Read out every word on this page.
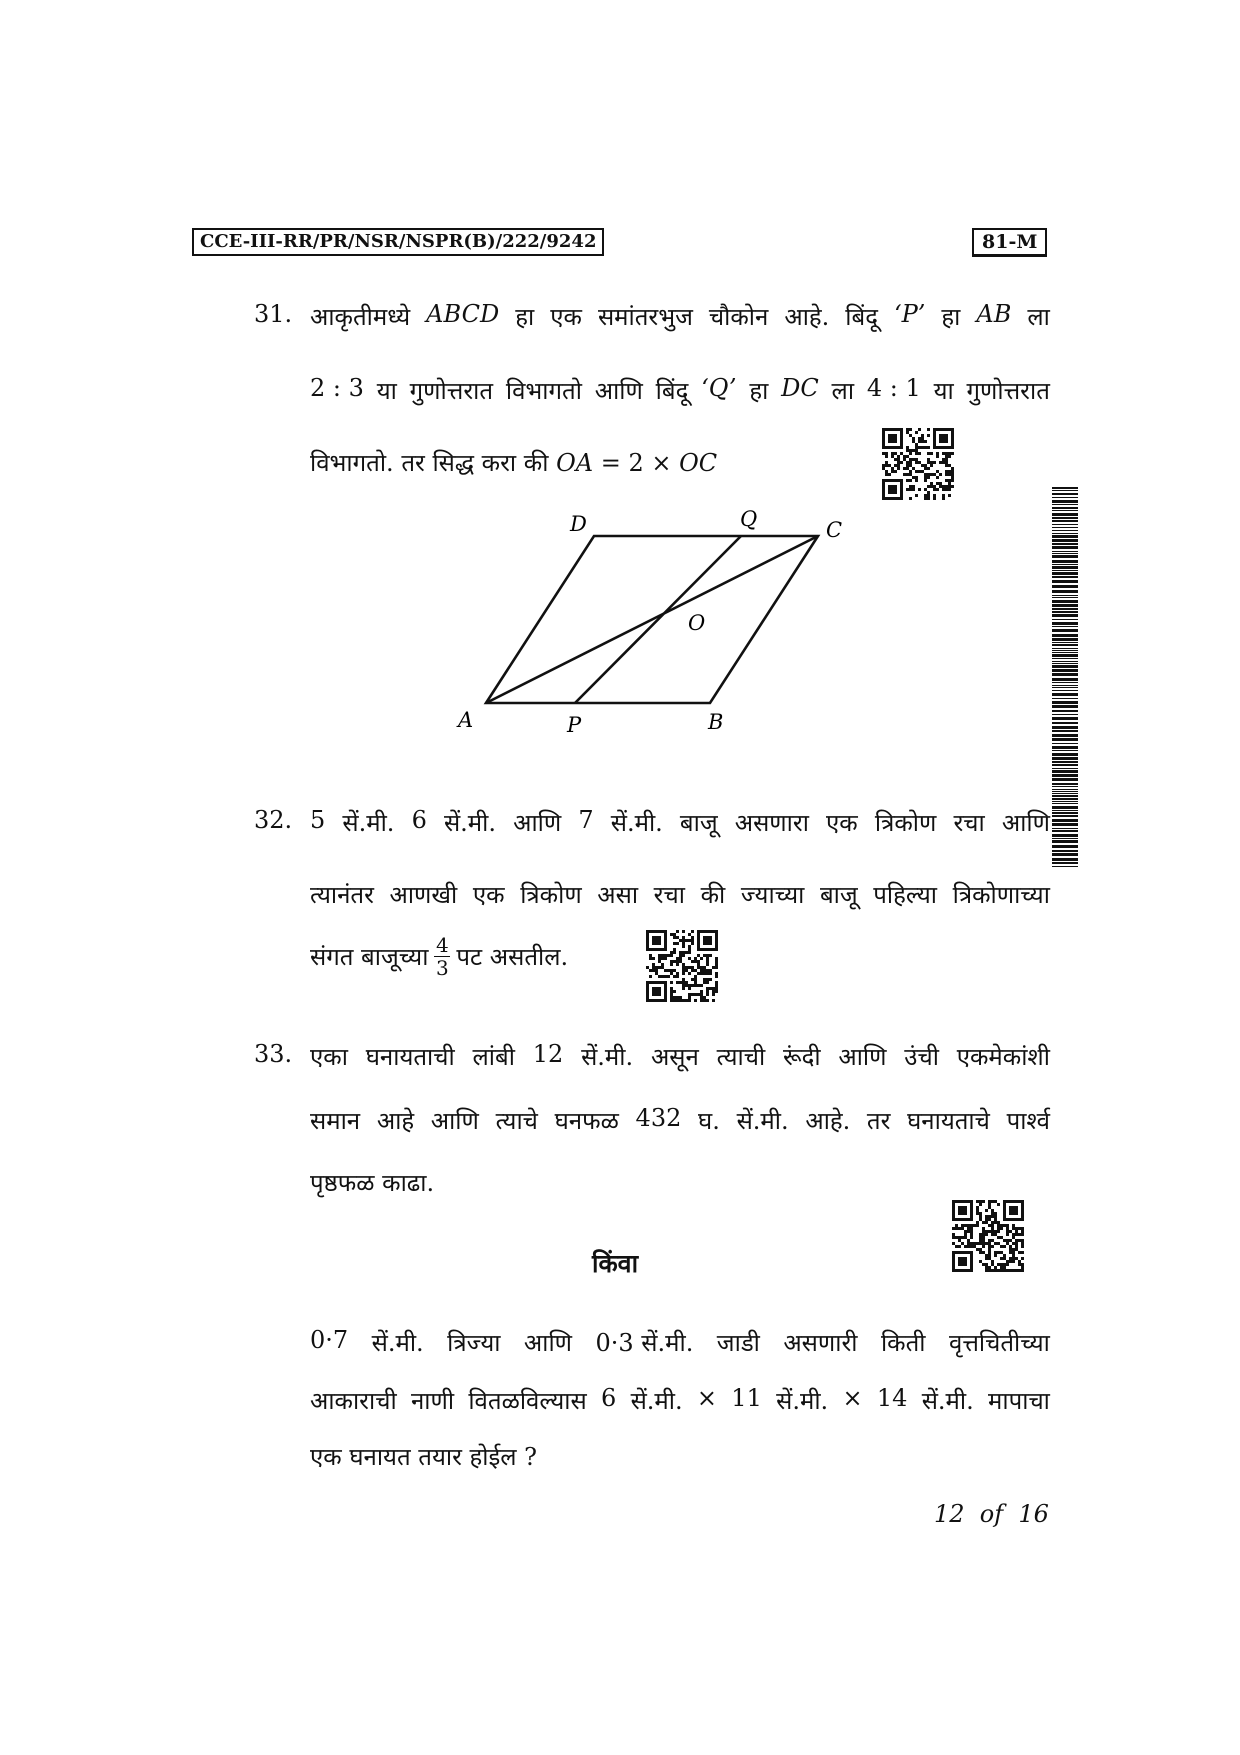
CCE-III-RR/PR/NSR/NSPR(B)/222/9242	81-M
31. आकृतीमध्ये ABCD हा एक समांतरभुज चौकोन आहे. बिंदू ‘P’ हा AB ला
2 : 3 या गुणोत्तरात विभागतो आणि बिंदू ‘Q’ हा DC ला 4 : 1 या गुणोत्तरात
विभागतो. तर सिद्ध करा की OA = 2 × OC
A	B
C
D
P
Q
O
32. 5 सें.मी. 6 सें.मी. आणि 7 सें.मी. बाजू असणारा एक त्रिकोण रचा आणि
त्यानंतर आणखी एक त्रिकोण असा रचा की ज्याच्या बाजू पहिल्या त्रिकोणाच्या
संगत बाजूच्या $\frac{4}{3}$ पट असतील.
33. एका घनायताची लांबी 12 सें.मी. असून त्याची रूंदी आणि उंची एकमेकांशी
समान आहे आणि त्याचे घनफळ 432 घ. सें.मी. आहे. तर घनायताचे पार्श्व
पृष्ठफळ काढा.
किंवा
0·7 सें.मी. त्रिज्या आणि 0·3 सें.मी. जाडी असणारी किती वृत्तचितीच्या
आकाराची नाणी वितळविल्यास 6 सें.मी. × 11 सें.मी. × 14 सें.मी. मापाचा
एक घनायत तयार होईल ?
12  of  16
